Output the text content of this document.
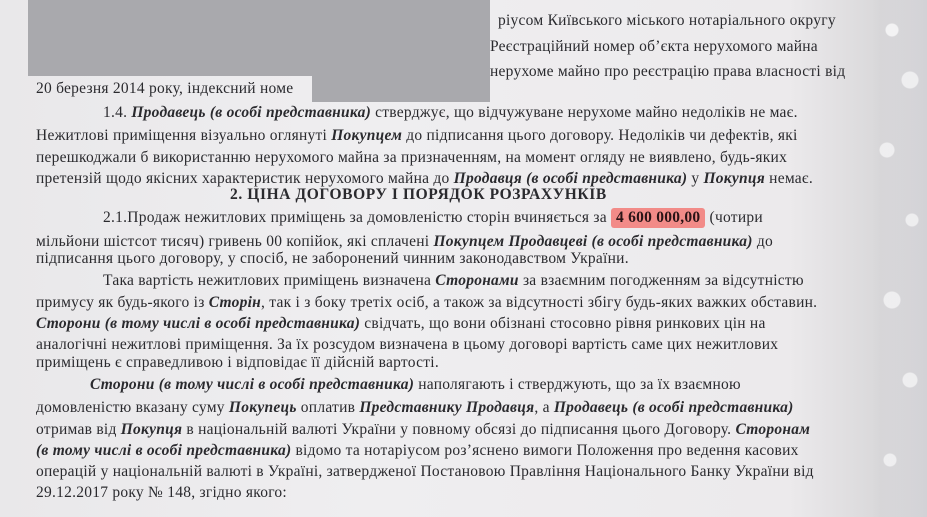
ріусом Київського міського нотаріального округу
Реєстраційний номер об’єкта нерухомого майна
нерухоме майно про реєстрацію права власності від
20 березня 2014 року, індексний номе
1.4. Продавець (в особі представника) стверджує, що відчужуване нерухоме майно недоліків не має.
Нежитлові приміщення візуально оглянуті Покупцем до підписання цього договору. Недоліків чи дефектів, які
перешкоджали б використанню нерухомого майна за призначенням, на момент огляду не виявлено, будь-яких
претензій щодо якісних характеристик нерухомого майна до Продавця (в особі представника) у Покупця немає.
2. ЦІНА ДОГОВОРУ І ПОРЯДОК РОЗРАХУНКІВ
2.1.Продаж нежитлових приміщень за домовленістю сторін вчиняється за 4 600 000,00 (чотири
мільйони шістсот тисяч) гривень 00 копійок, які сплачені Покупцем Продавцеві (в особі представника) до
підписання цього договору, у спосіб, не заборонений чинним законодавством України.
Така вартість нежитлових приміщень визначена Сторонами за взаємним погодженням за відсутністю
примусу як будь-якого із Сторін, так і з боку третіх осіб, а також за відсутності збігу будь-яких важких обставин.
Сторони (в тому числі в особі представника) свідчать, що вони обізнані стосовно рівня ринкових цін на
аналогічні нежитлові приміщення. За їх розсудом визначена в цьому договорі вартість саме цих нежитлових
приміщень є справедливою і відповідає її дійсній вартості.
Сторони (в тому числі в особі представника) наполягають і стверджують, що за їх взаємною
домовленістю вказану суму Покупець оплатив Представнику Продавця, а Продавець (в особі представника)
отримав від Покупця в національній валюті України у повному обсязі до підписання цього Договору. Сторонам
(в тому числі в особі представника) відомо та нотаріусом роз’яснено вимоги Положення про ведення касових
операцій у національній валюті в Україні, затвердженої Постановою Правління Національного Банку України від
29.12.2017 року № 148, згідно якого:
